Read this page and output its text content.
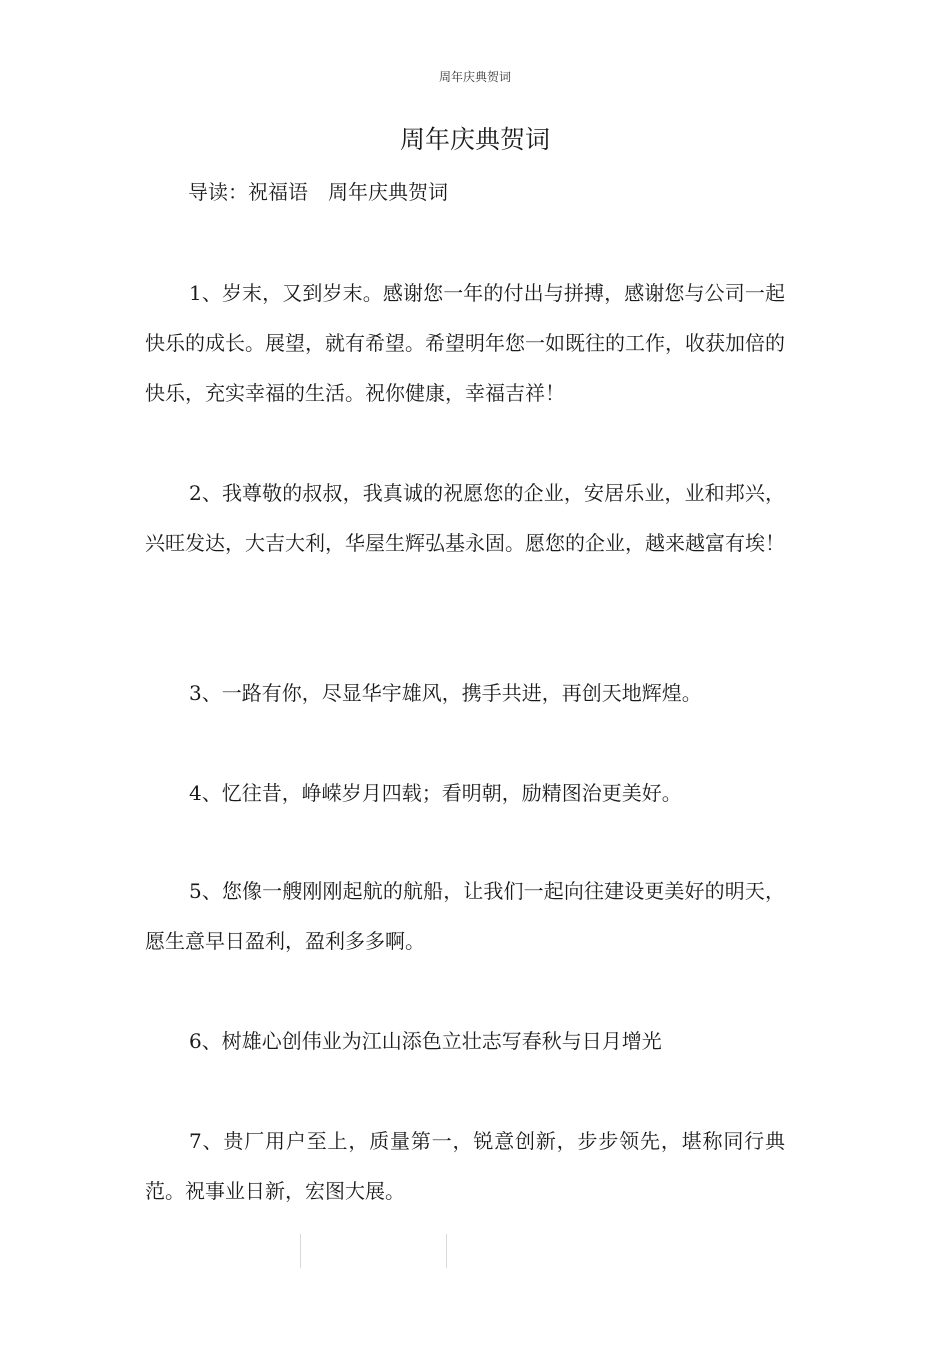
周年庆典贺词
周年庆典贺词
导读：祝福语　周年庆典贺词

1、岁末，又到岁末。感谢您一年的付出与拼搏，感谢您与公司一起快乐的成长。展望，就有希望。希望明年您一如既往的工作，收获加倍的快乐，充实幸福的生活。祝你健康，幸福吉祥！

2、我尊敬的叔叔，我真诚的祝愿您的企业，安居乐业，业和邦兴，兴旺发达，大吉大利，华屋生辉弘基永固。愿您的企业，越来越富有埃！

3、一路有你，尽显华宇雄风，携手共进，再创天地辉煌。

4、忆往昔，峥嵘岁月四载；看明朝，励精图治更美好。

5、您像一艘刚刚起航的航船，让我们一起向往建设更美好的明天，愿生意早日盈利，盈利多多啊。

6、树雄心创伟业为江山添色立壮志写春秋与日月增光

7、贵厂用户至上，质量第一，锐意创新，步步领先，堪称同行典范。祝事业日新，宏图大展。
